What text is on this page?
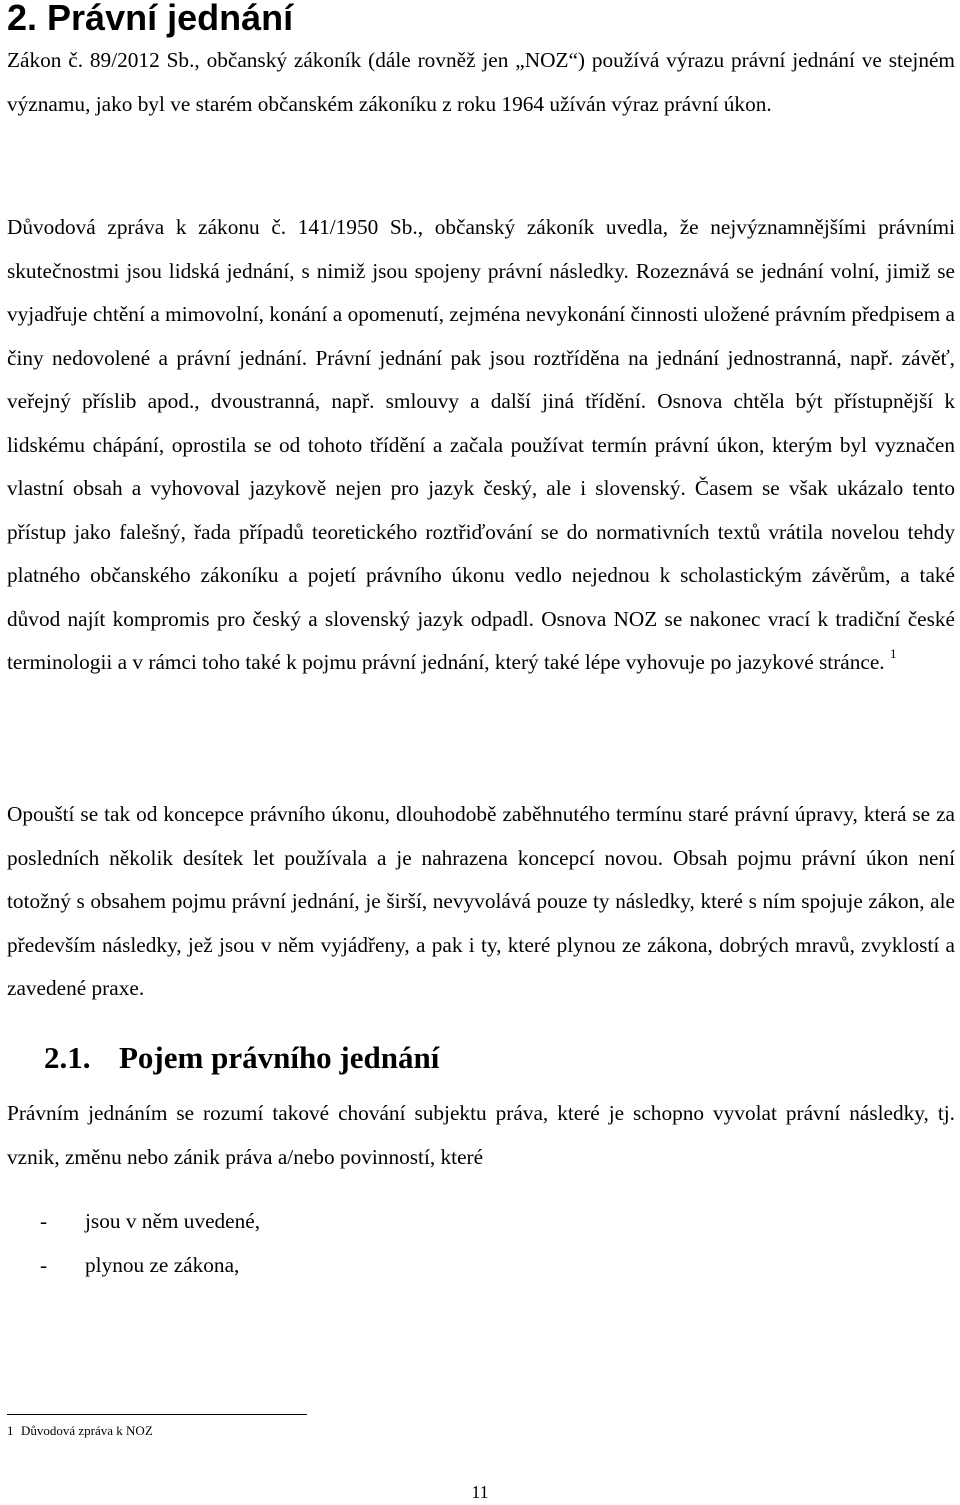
2. Právní jednání

Zákon č. 89/2012 Sb., občanský zákoník (dále rovněž jen „NOZ“) používá výrazu právní jednání ve stejném významu, jako byl ve starém občanském zákoníku z roku 1964 užíván výraz právní úkon.

Důvodová zpráva k zákonu č. 141/1950 Sb., občanský zákoník uvedla, že nejvýznamnějšími právními skutečnostmi jsou lidská jednání, s nimiž jsou spojeny právní následky. Rozeznává se jednání volní, jimiž se vyjadřuje chtění a mimovolní, konání a opomenutí, zejména nevykonání činnosti uložené právním předpisem a činy nedovolené a právní jednání. Právní jednání pak jsou roztříděna na jednání jednostranná, např. závěť, veřejný příslib apod., dvoustranná, např. smlouvy a další jiná třídění. Osnova chtěla být přístupnější k lidskému chápání, oprostila se od tohoto třídění a začala používat termín právní úkon, kterým byl vyznačen vlastní obsah a vyhovoval jazykově nejen pro jazyk český, ale i slovenský. Časem se však ukázalo tento přístup jako falešný, řada případů teoretického roztřiďování se do normativních textů vrátila novelou tehdy platného občanského zákoníku a pojetí právního úkonu vedlo nejednou k scholastickým závěrům, a také důvod najít kompromis pro český a slovenský jazyk odpadl. Osnova NOZ se nakonec vrací k tradiční české terminologii a v rámci toho také k pojmu právní jednání, který také lépe vyhovuje po jazykové stránce. $^1$

Opouští se tak od koncepce právního úkonu, dlouhodobě zaběhnutého termínu staré právní úpravy, která se za posledních několik desítek let používala a je nahrazena koncepcí novou. Obsah pojmu právní úkon není totožný s obsahem pojmu právní jednání, je širší, nevyvolává pouze ty následky, které s ním spojuje zákon, ale především následky, jež jsou v něm vyjádřeny, a pak i ty, které plynou ze zákona, dobrých mravů, zvyklostí a zavedené praxe.

2.1. Pojem právního jednání

Právním jednáním se rozumí takové chování subjektu práva, které je schopno vyvolat právní následky, tj. vznik, změnu nebo zánik práva a/nebo povinností, které

- jsou v něm uvedené,
- plynou ze zákona,

1 Důvodová zpráva k NOZ

11
